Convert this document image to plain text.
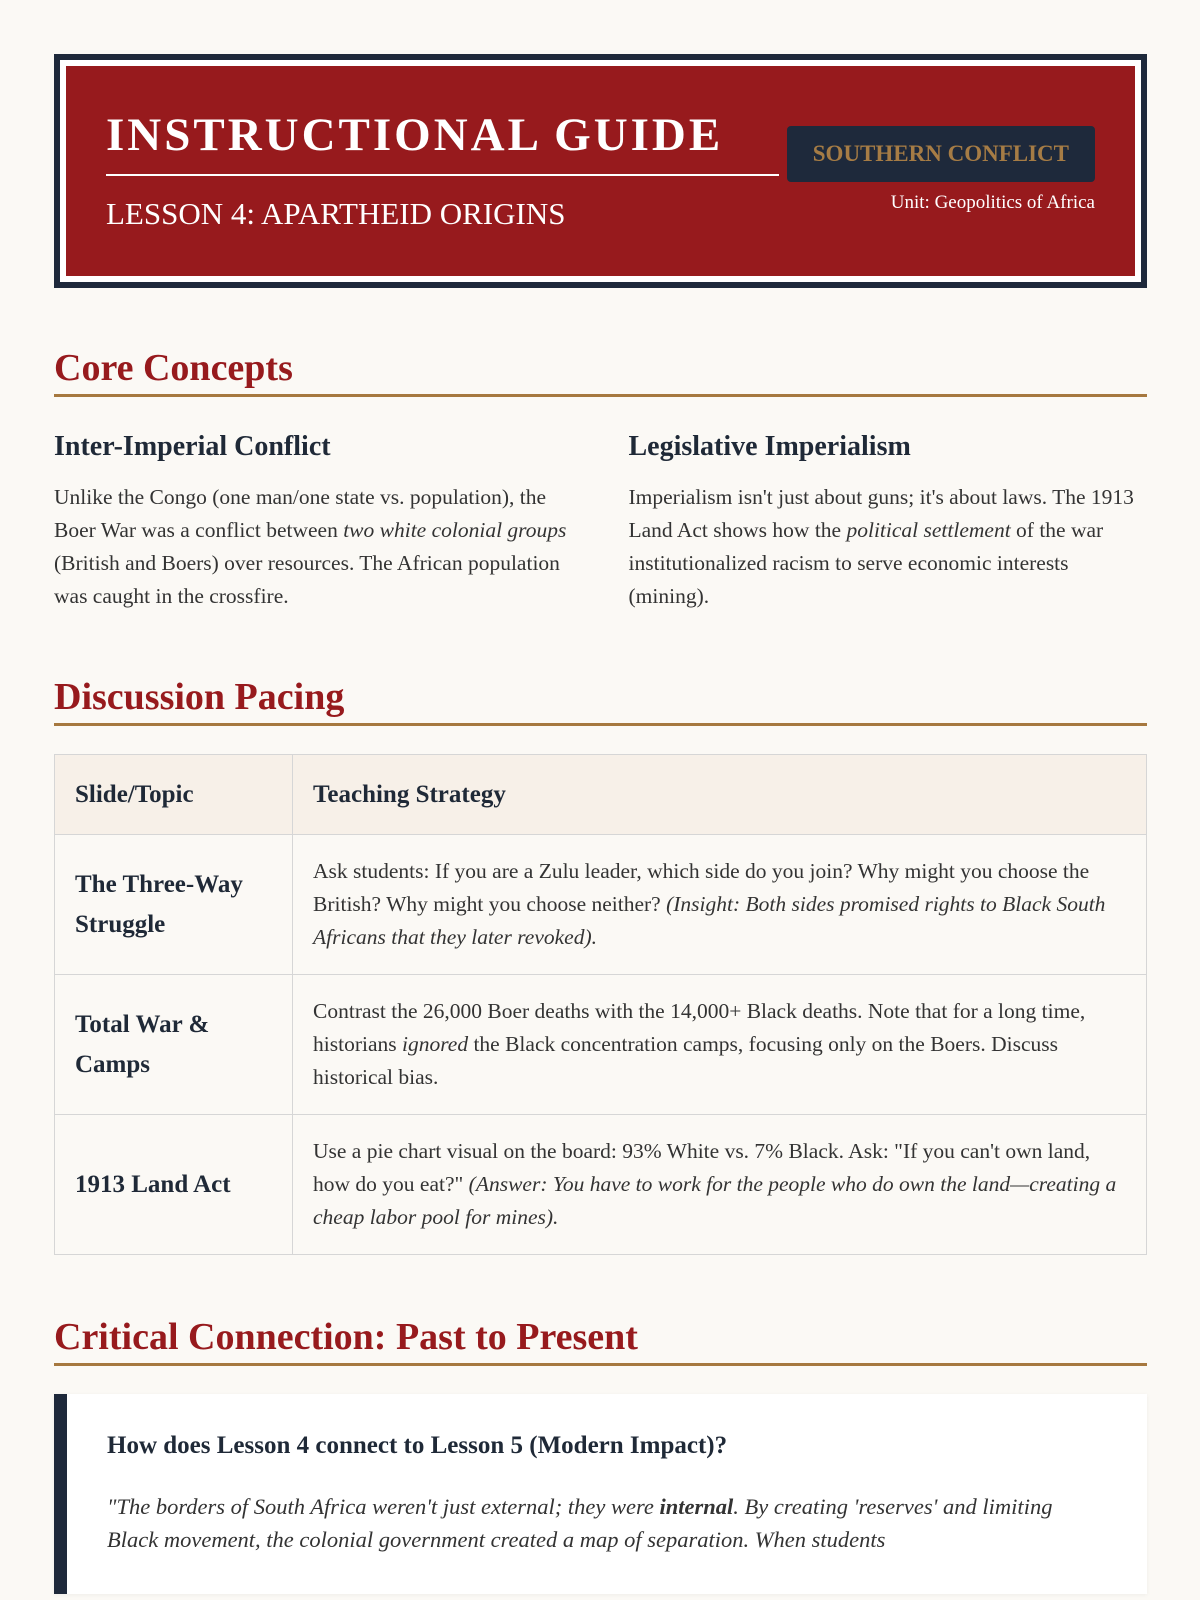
INSTRUCTIONAL GUIDE
LESSON 4: APARTHEID ORIGINS
SOUTHERN CONFLICT
Unit: Geopolitics of Africa
Core Concepts
Inter-Imperial Conflict

Unlike the Congo (one man/one state vs. population), the Boer War was a conflict between two white colonial groups (British and Boers) over resources. The African population was caught in the crossfire.

Legislative Imperialism

Imperialism isn't just about guns; it's about laws. The 1913 Land Act shows how the political settlement of the war institutionalized racism to serve economic interests (mining).

Discussion Pacing
Slide/Topic	Teaching Strategy
The Three-Way Struggle	Ask students: If you are a Zulu leader, which side do you join? Why might you choose the British? Why might you choose neither? (Insight: Both sides promised rights to Black South Africans that they later revoked).
Total War & Camps	Contrast the 26,000 Boer deaths with the 14,000+ Black deaths. Note that for a long time, historians ignored the Black concentration camps, focusing only on the Boers. Discuss historical bias.
1913 Land Act	Use a pie chart visual on the board: 93% White vs. 7% Black. Ask: "If you can't own land, how do you eat?" (Answer: You have to work for the people who do own the land—creating a cheap labor pool for mines).
Critical Connection: Past to Present
How does Lesson 4 connect to Lesson 5 (Modern Impact)?

"The borders of South Africa weren't just external; they were internal. By creating 'reserves' and limiting Black movement, the colonial government created a map of separation. When students
